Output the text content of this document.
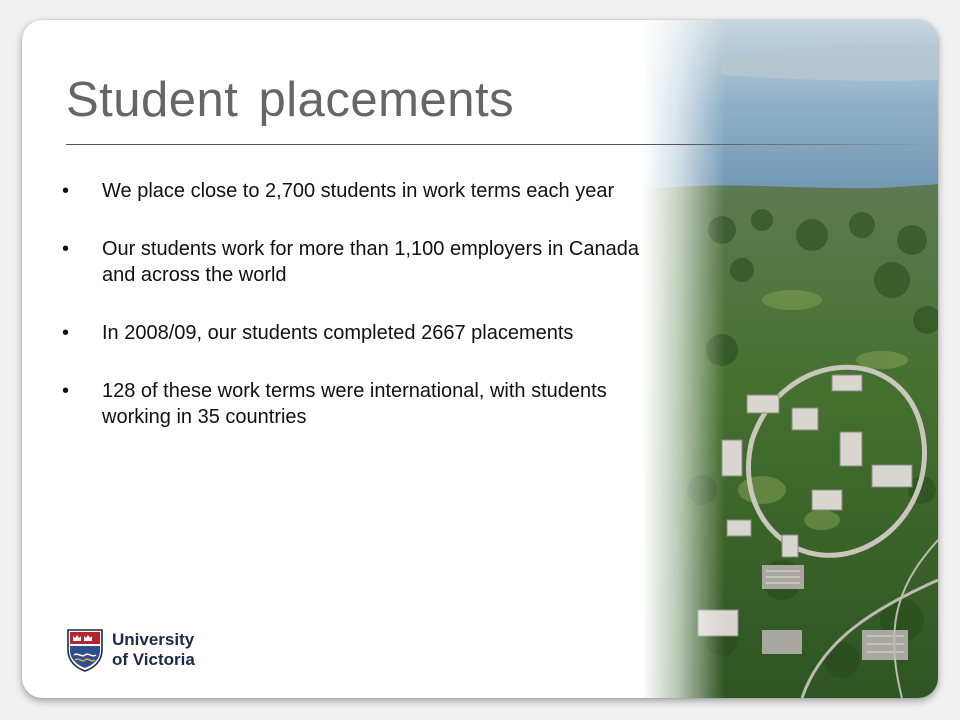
Student placements
• We place close to 2,700 students in work terms each year
• Our students work for more than 1,100 employers in Canada and across the world
• In 2008/09, our students completed 2667 placements
• 128 of these work terms were international, with students working in 35 countries
University
of Victoria
